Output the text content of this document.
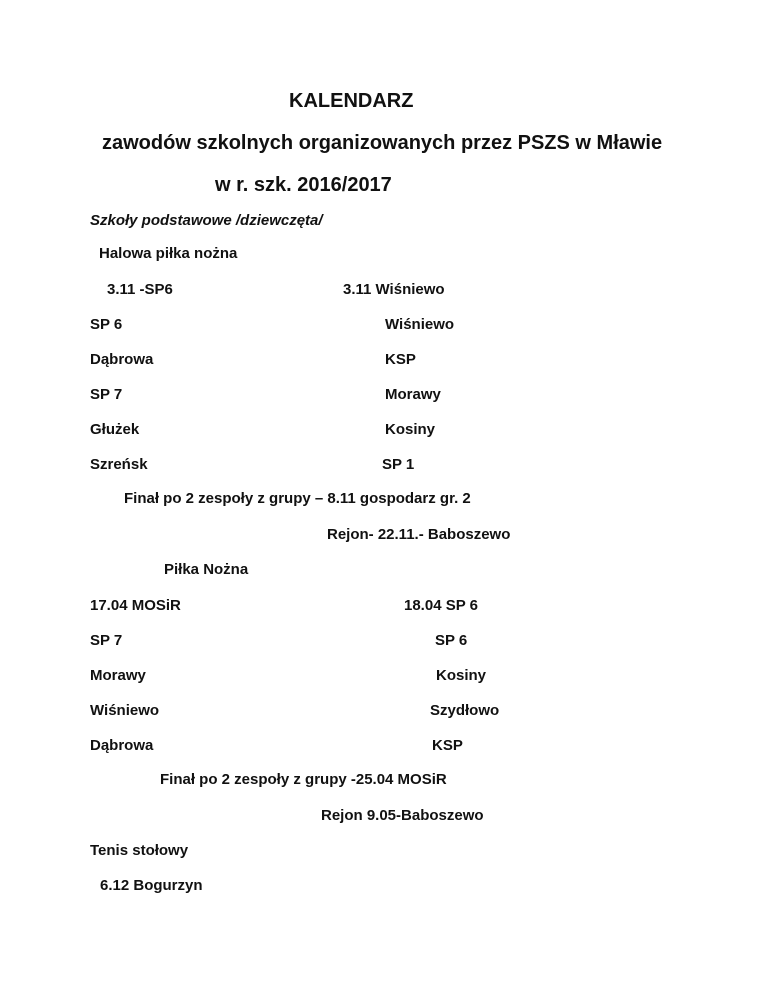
KALENDARZ
zawodów szkolnych organizowanych przez PSZS w Mławie
w r. szk. 2016/2017
Szkoły podstawowe /dziewczęta/
Halowa piłka nożna
3.11 -SP6	3.11 Wiśniewo
SP 6	Wiśniewo
Dąbrowa	KSP
SP 7	Morawy
Głużek	Kosiny
Szreńsk	SP 1
Finał po 2 zespoły z grupy – 8.11 gospodarz gr. 2
Rejon- 22.11.- Baboszewo
Piłka Nożna
17.04 MOSiR	18.04 SP 6
SP 7	SP 6
Morawy	Kosiny
Wiśniewo	Szydłowo
Dąbrowa	KSP
Finał po 2 zespoły z grupy -25.04 MOSiR
Rejon 9.05-Baboszewo
Tenis stołowy
6.12 Bogurzyn
